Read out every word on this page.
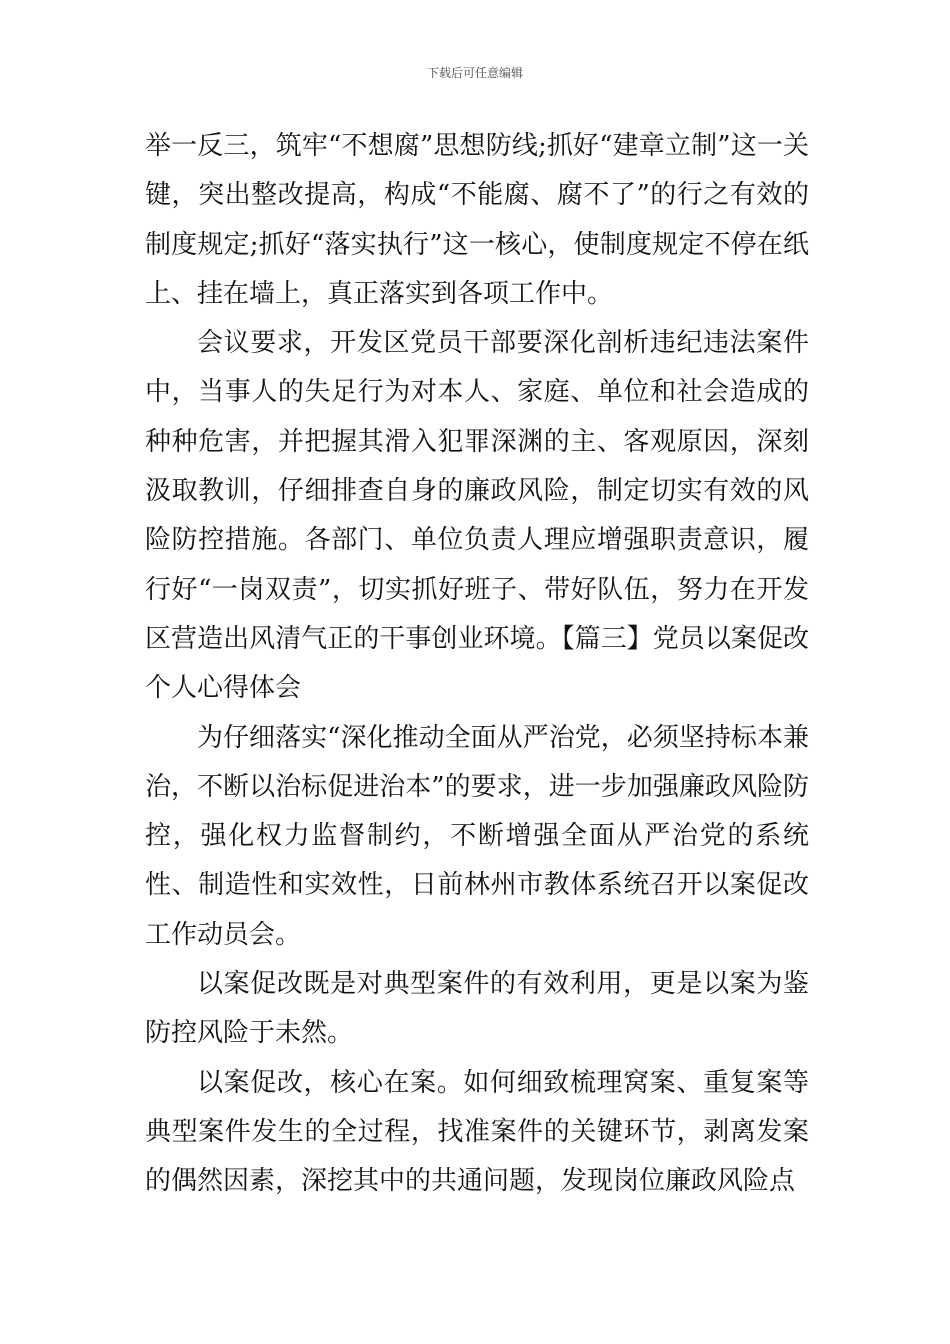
下载后可任意编辑

举一反三，筑牢“不想腐”思想防线;抓好“建章立制”这一关键，突出整改提高，构成“不能腐、腐不了”的行之有效的制度规定;抓好“落实执行”这一核心，使制度规定不停在纸上、挂在墙上，真正落实到各项工作中。

会议要求，开发区党员干部要深化剖析违纪违法案件中，当事人的失足行为对本人、家庭、单位和社会造成的种种危害，并把握其滑入犯罪深渊的主、客观原因，深刻汲取教训，仔细排查自身的廉政风险，制定切实有效的风险防控措施。各部门、单位负责人理应增强职责意识，履行好“一岗双责”，切实抓好班子、带好队伍，努力在开发区营造出风清气正的干事创业环境。【篇三】党员以案促改个人心得体会

为仔细落实“深化推动全面从严治党，必须坚持标本兼治，不断以治标促进治本”的要求，进一步加强廉政风险防控，强化权力监督制约，不断增强全面从严治党的系统性、制造性和实效性，日前林州市教体系统召开以案促改工作动员会。

以案促改既是对典型案件的有效利用，更是以案为鉴防控风险于未然。

以案促改，核心在案。如何细致梳理窝案、重复案等典型案件发生的全过程，找准案件的关键环节，剥离发案的偶然因素，深挖其中的共通问题，发现岗位廉政风险点
